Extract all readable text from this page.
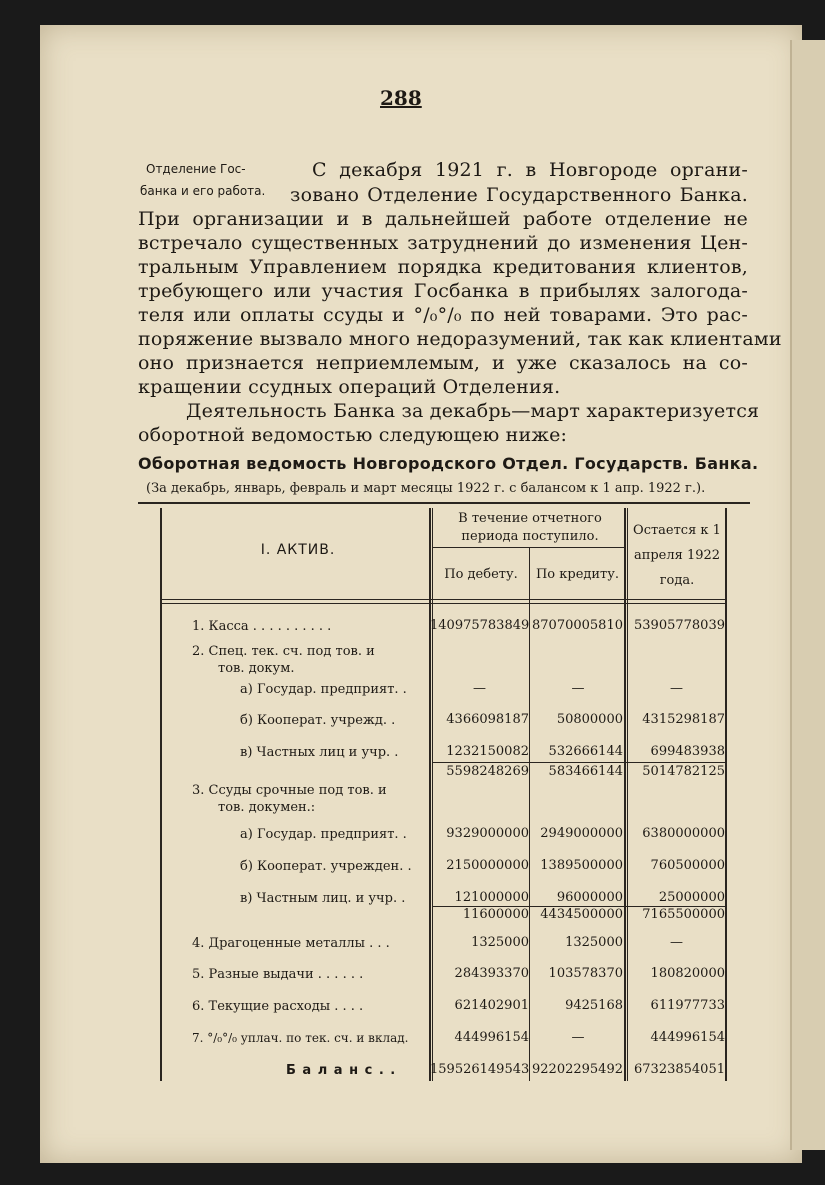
288
Отделение Гос-
банка и его работа.
С декабря 1921 г. в Новгороде органи-
зовано Отделение Государственного Банка.
При организации и в дальнейшей работе отделение не
встречало существенных затруднений до изменения Цен-
тральным Управлением порядка кредитования клиентов,
требующего или участия Госбанка в прибылях залогода-
теля или оплаты ссуды и °/₀°/₀ по ней товарами. Это рас-
поряжение вызвало много недоразумений, так как клиентами
оно признается неприемлемым, и уже сказалось на со-
кращении ссудных операций Отделения.
Деятельность Банка за декабрь—март характеризуется
оборотной ведомостью следующею ниже:
Оборотная ведомость Новгородского Отдел. Государств. Банка.
(За декабрь, январь, февраль и март месяцы 1922 г. с балансом к 1 апр. 1922 г.).
I. АКТИВ.
В течение отчетного периода поступило.
По дебету.	По кредиту.
Остается к 1 апреля 1922 года.
1. Касса . . . . . . . . . .	140975783849 87070005810 53905778039
2. Спец. тек. сч. под тов. и
тов. докум.
а) Государ. предприят. .	—	—	—
б) Кооперат. учрежд. .	4366098187	50800000	4315298187
в) Частных лиц и учр. .	1232150082	532666144	699483938
5598248269	583466144	5014782125
3. Ссуды срочные под тов. и
тов. докумен.:
а) Государ. предприят. .	9329000000 2949000000	6380000000
б) Кооперат. учрежден. .	2150000000 1389500000	760500000
в) Частным лиц. и учр. .	121000000	96000000	25000000
11600000 4434500000	7165500000
4. Драгоценные металлы . . .	1325000	1325000	—
5. Разные выдачи . . . . . .	284393370	103578370	180820000
6. Текущие расходы . . . .	621402901	9425168	611977733
7. °/₀°/₀ уплач. по тек. сч. и вклад.	444996154	—	444996154
Б а л а н с . .	159526149543 92202295492 67323854051
